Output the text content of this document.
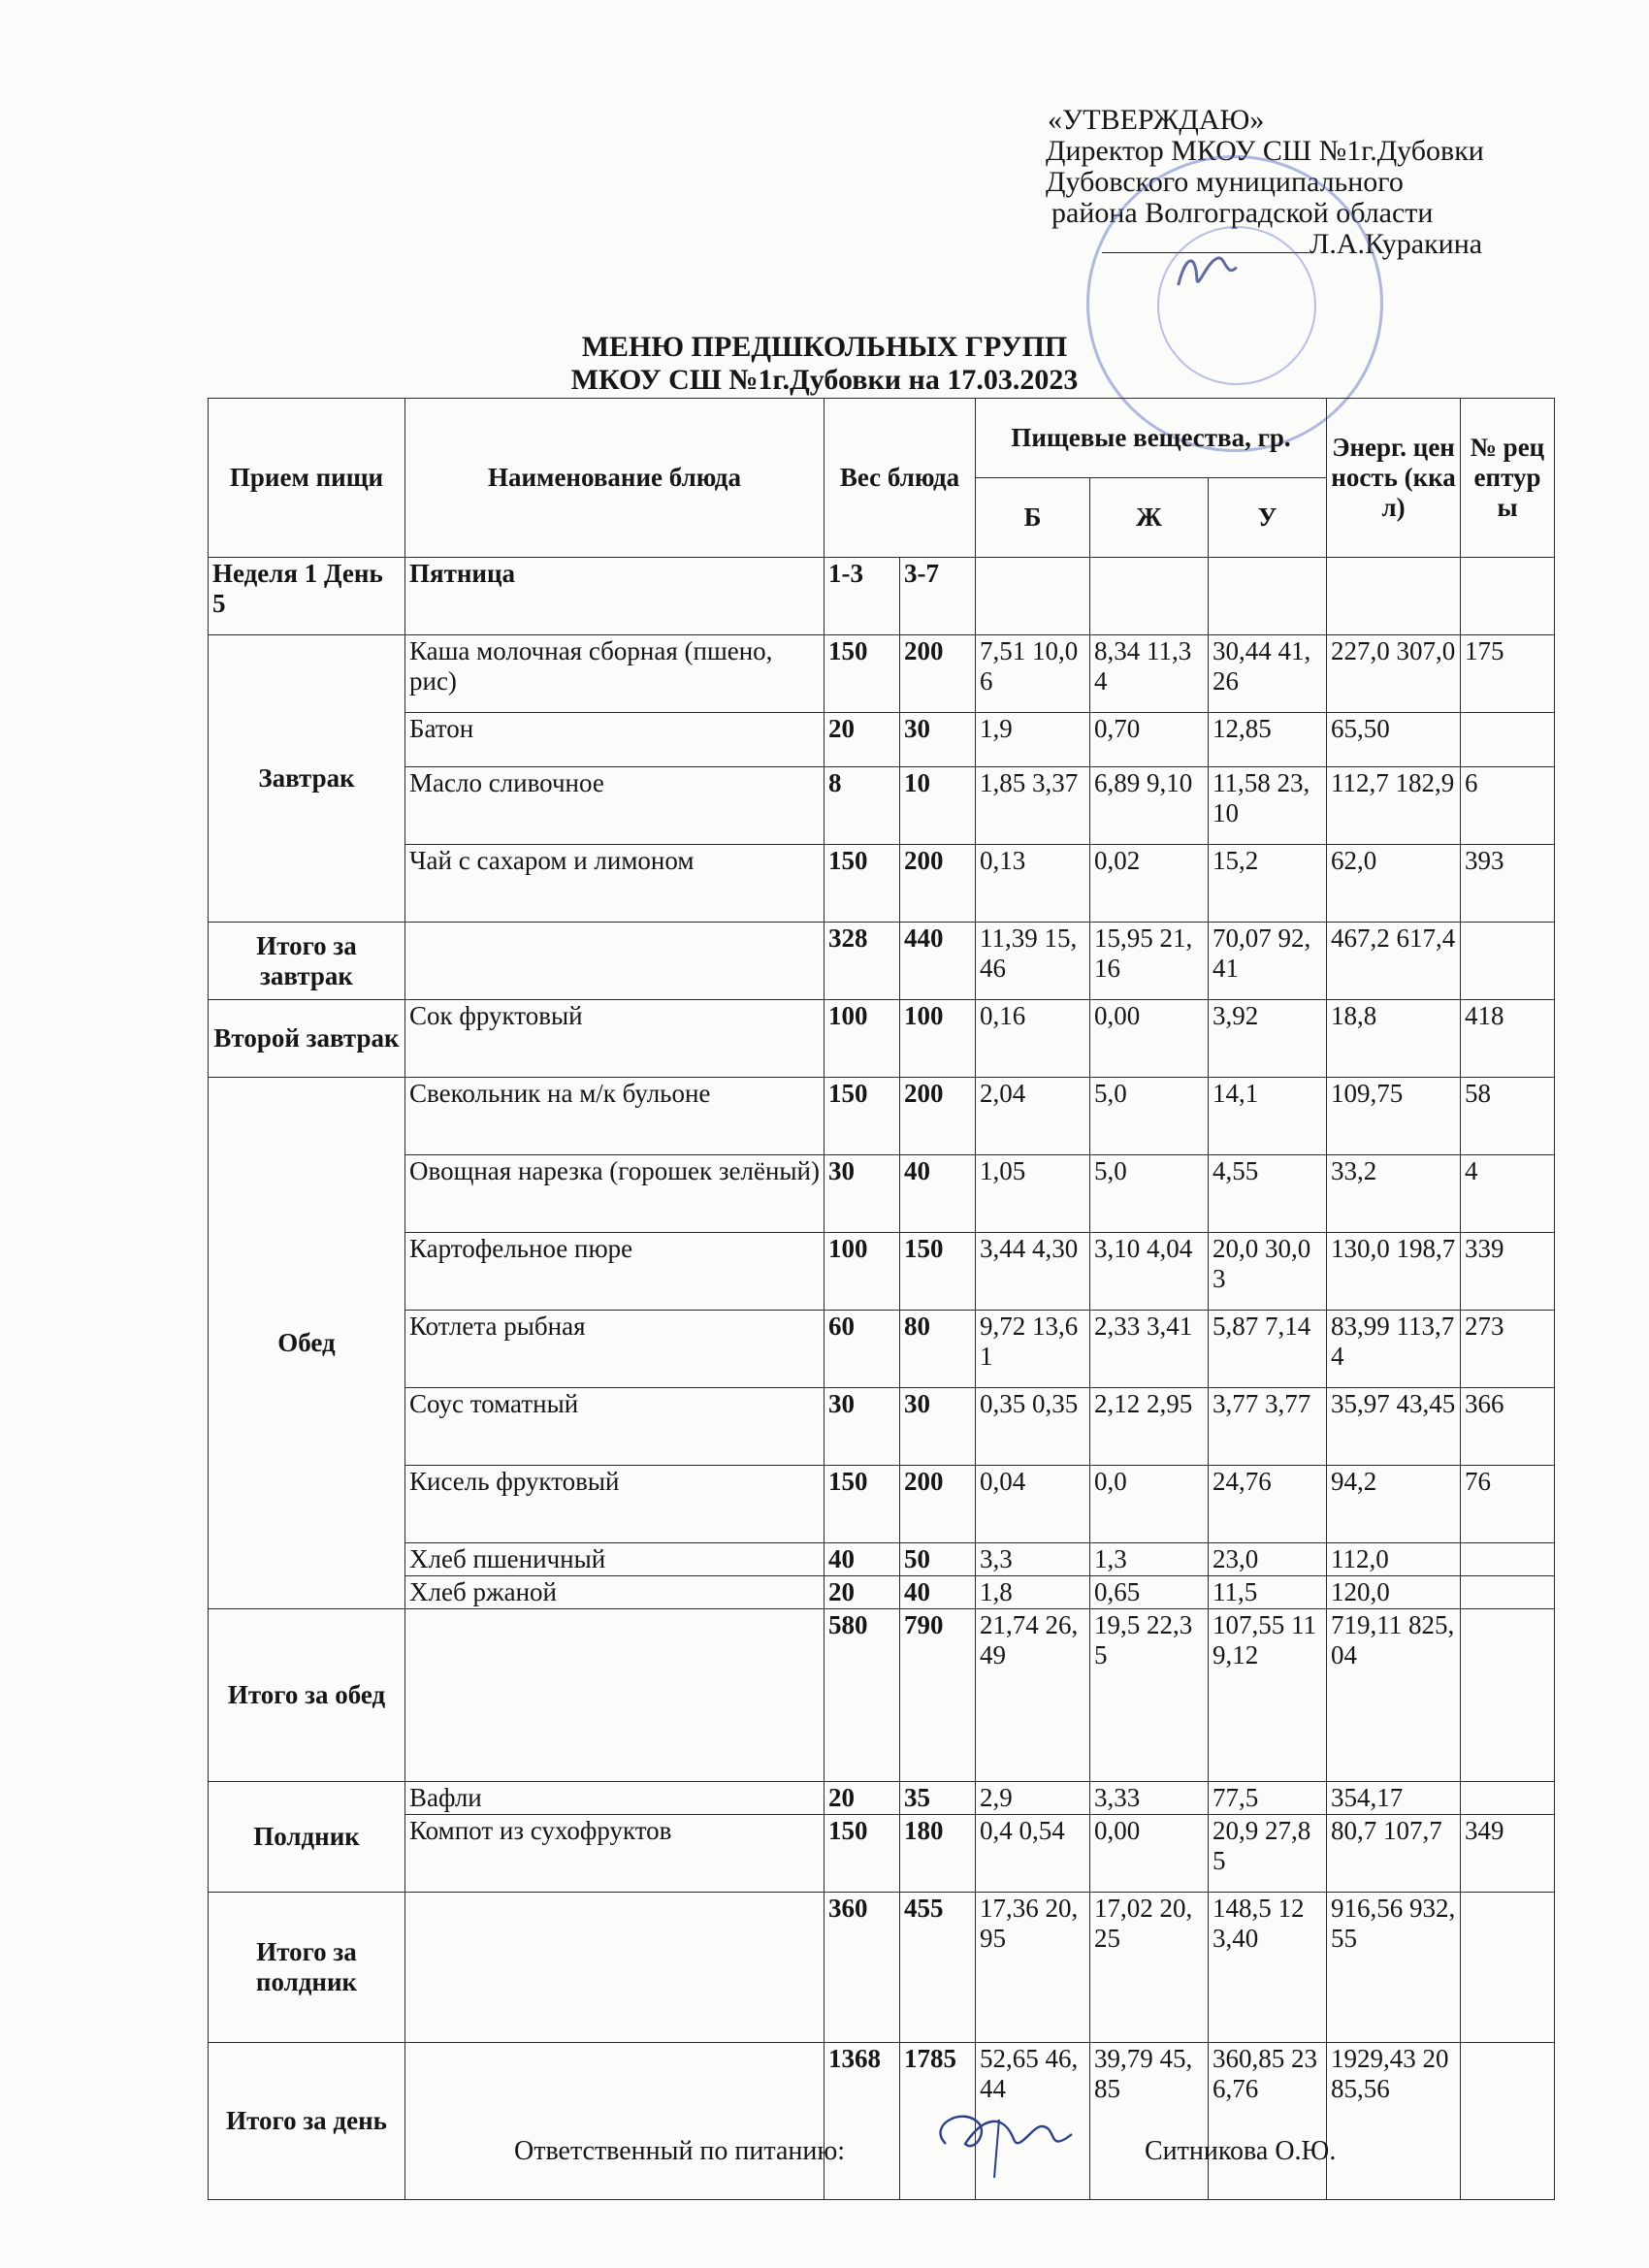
«УТВЕРЖДАЮ»
Директор МКОУ СШ №1г.Дубовки
Дубовского муниципального
района Волгоградской области
Л.А.Куракина
МЕНЮ ПРЕДШКОЛЬНЫХ ГРУПП
МКОУ СШ №1г.Дубовки на 17.03.2023
Прием пищи	Наименование блюда	Вес блюда		Пищевые вещества, гр.			Энерг. ценность (ккал)	№ рецептуры
				Б	Ж	У		
Неделя 1 День 5	Пятница	1-3	3-7					
Завтрак	Каша молочная сборная (пшено, рис)	150	200	7,51 10,06	8,34 11,34	30,44 41,26	227,0 307,0	175
	Батон	20	30	1,9	0,70	12,85	65,50	
	Масло сливочное	8	10	1,85 3,37	6,89 9,10	11,58 23,10	112,7 182,9	6
	Чай с сахаром и лимоном	150	200	0,13	0,02	15,2	62,0	393
Итого за завтрак		328	440	11,39 15,46	15,95 21,16	70,07 92,41	467,2 617,4	
Второй завтрак	Сок фруктовый	100	100	0,16	0,00	3,92	18,8	418
Обед	Свекольник на м/к бульоне	150	200	2,04	5,0	14,1	109,75	58
	Овощная нарезка (горошек зелёный)	30	40	1,05	5,0	4,55	33,2	4
	Картофельное пюре	100	150	3,44 4,30	3,10 4,04	20,0 30,03	130,0 198,7	339
	Котлета рыбная	60	80	9,72 13,61	2,33 3,41	5,87 7,14	83,99 113,74	273
	Соус томатный	30	30	0,35 0,35	2,12 2,95	3,77 3,77	35,97 43,45	366
	Кисель фруктовый	150	200	0,04	0,0	24,76	94,2	76
	Хлеб пшеничный	40	50	3,3	1,3	23,0	112,0	
	Хлеб ржаной	20	40	1,8	0,65	11,5	120,0	
Итого за обед		580	790	21,74 26,49	19,5 22,35	107,55 119,12	719,11 825,04	
Полдник	Вафли	20	35	2,9	3,33	77,5	354,17	
	Компот из сухофруктов	150	180	0,4 0,54	0,00	20,9 27,85	80,7 107,7	349
Итого за полдник		360	455	17,36 20,95	17,02 20,25	148,5 123,40	916,56 932,55	
Итого за день		1368	1785	52,65 46,44	39,79 45,85	360,85 236,76	1929,43 2085,56	
Ответственный по питанию:	Ситникова О.Ю.
